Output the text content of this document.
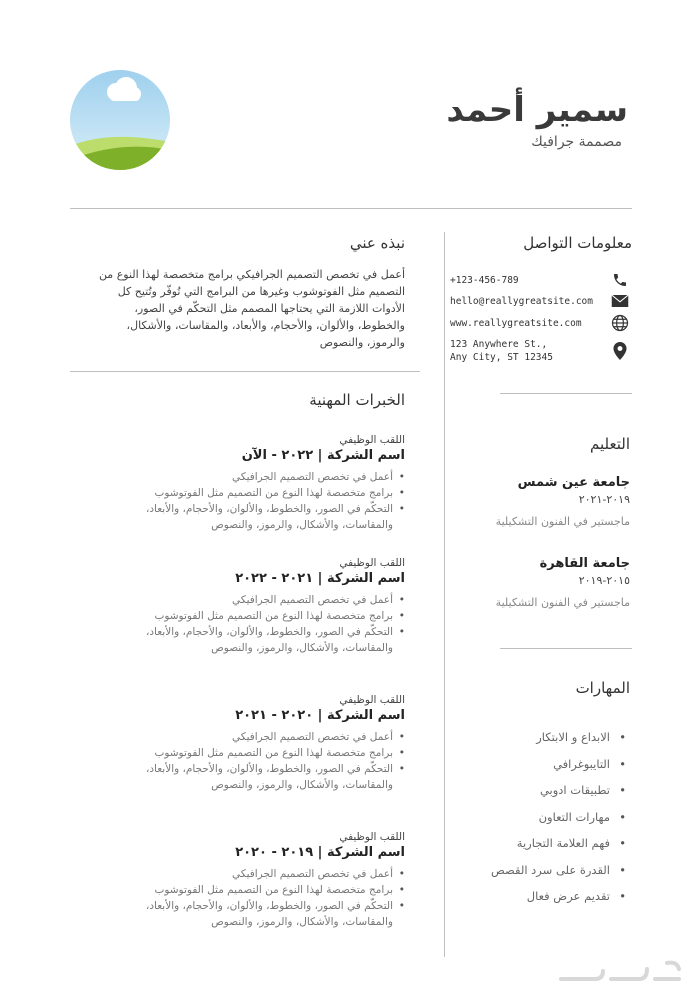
سمير أحمد
مصممة جرافيك
معلومات التواصل
+123-456-789
hello@reallygreatsite.com
www.reallygreatsite.com
123 Anywhere St.,
Any City, ST 12345
نبذه عني
أعمل في تخصص التصميم الجرافيكي برامج متخصصة لهذا النوع من التصميم مثل الفوتوشوب وغيرها من البرامج التي تُوفّر وتُتيح كل الأدوات اللازمة التي يحتاجها المصمم مثل التحكّم في الصور، والخطوط، والألوان، والأحجام، والأبعاد، والمقاسات، والأشكال، والرموز، والنصوص
الخبرات المهنية
اللقب الوظيفي
اسم الشركة | ٢٠٢٢ - الآن
• أعمل في تخصص التصميم الجرافيكي
• برامج متخصصة لهذا النوع من التصميم مثل الفوتوشوب
• التحكّم في الصور، والخطوط، والألوان، والأحجام، والأبعاد، والمقاسات، والأشكال، والرموز، والنصوص
اللقب الوظيفي
اسم الشركة | ٢٠٢١ - ٢٠٢٢
• أعمل في تخصص التصميم الجرافيكي
• برامج متخصصة لهذا النوع من التصميم مثل الفوتوشوب
• التحكّم في الصور، والخطوط، والألوان، والأحجام، والأبعاد، والمقاسات، والأشكال، والرموز، والنصوص
اللقب الوظيفي
اسم الشركة | ٢٠٢٠ - ٢٠٢١
• أعمل في تخصص التصميم الجرافيكي
• برامج متخصصة لهذا النوع من التصميم مثل الفوتوشوب
• التحكّم في الصور، والخطوط، والألوان، والأحجام، والأبعاد، والمقاسات، والأشكال، والرموز، والنصوص
اللقب الوظيفي
اسم الشركة | ٢٠١٩ - ٢٠٢٠
• أعمل في تخصص التصميم الجرافيكي
• برامج متخصصة لهذا النوع من التصميم مثل الفوتوشوب
• التحكّم في الصور، والخطوط، والألوان، والأحجام، والأبعاد، والمقاسات، والأشكال، والرموز، والنصوص
التعليم
جامعة عين شمس
٢٠١٩-٢٠٢١
ماجستير في الفنون التشكيلية
جامعة القاهرة
٢٠١٥-٢٠١٩
ماجستير في الفنون التشكيلية
المهارات
• الابداع و الابتكار
• التايبوغرافي
• تطبيقات ادوبي
• مهارات التعاون
• فهم العلامة التجارية
• القدرة على سرد القصص
• تقديم عرض فعال
